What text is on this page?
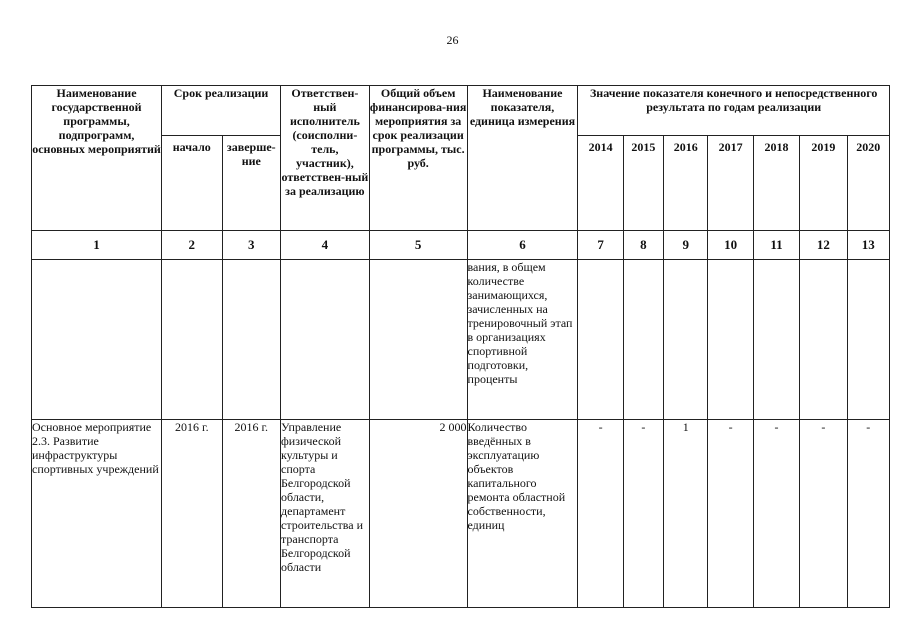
26
Наименование государственной программы, подпрограмм, основных мероприятий	Срок реализации		Ответствен-ный исполнитель (соисполни-тель, участник), ответствен-ный за реализацию	Общий объем финансирова-ния мероприятия за срок реализации программы, тыс. руб.	Наименование показателя, единица измерения	Значение показателя конечного и непосредственного результата по годам реализации						
	начало	заверше-ние				2014	2015	2016	2017	2018	2019	2020
1	2	3	4	5	6	7	8	9	10	11	12	13
					вания, в общем количестве занимающихся, зачисленных на тренировочный этап в организациях спортивной подготовки, проценты							
Основное мероприятие 2.3. Развитие инфраструктуры спортивных учреждений	2016 г.	2016 г.	Управление физической культуры и спорта Белгородской области, департамент строительства и транспорта Белгородской области	2 000	Количество введённых в эксплуатацию объектов капитального ремонта областной собственности, единиц	-	-	1	-	-	-	-
